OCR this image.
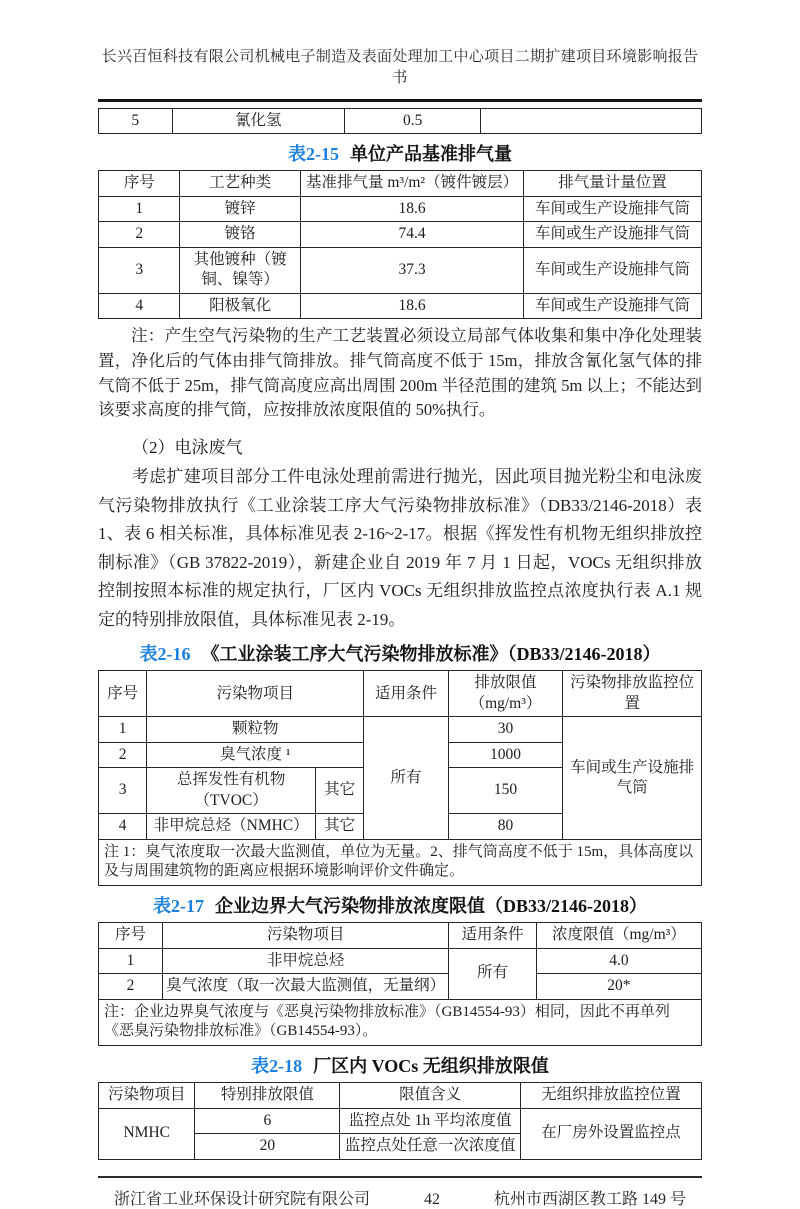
长兴百恒科技有限公司机械电子制造及表面处理加工中心项目二期扩建项目环境影响报告书
5	氰化氢	0.5	
表2-15 单位产品基准排气量
序号	工艺种类	基准排气量 m³/m²（镀件镀层）	排气量计量位置
1	镀锌	18.6	车间或生产设施排气筒
2	镀铬	74.4	车间或生产设施排气筒
3	其他镀种（镀铜、镍等）	37.3	车间或生产设施排气筒
4	阳极氧化	18.6	车间或生产设施排气筒

注：产生空气污染物的生产工艺装置必须设立局部气体收集和集中净化处理装置，净化后的气体由排气筒排放。排气筒高度不低于 15m，排放含氰化氢气体的排气筒不低于 25m，排气筒高度应高出周围 200m 半径范围的建筑 5m 以上；不能达到该要求高度的排气筒，应按排放浓度限值的 50%执行。

（2）电泳废气

考虑扩建项目部分工件电泳处理前需进行抛光，因此项目抛光粉尘和电泳废气污染物排放执行《工业涂装工序大气污染物排放标准》（DB33/2146-2018）表 1、表 6 相关标准，具体标准见表 2-16~2-17。根据《挥发性有机物无组织排放控制标准》（GB 37822-2019），新建企业自 2019 年 7 月 1 日起，VOCs 无组织排放控制按照本标准的规定执行，厂区内 VOCs 无组织排放监控点浓度执行表 A.1 规定的特别排放限值，具体标准见表 2-19。

表2-16 《工业涂装工序大气污染物排放标准》（DB33/2146-2018）
序号	污染物项目		适用条件	排放限值（mg/m³）	污染物排放监控位置
1	颗粒物		所有	30	车间或生产设施排气筒
2	臭气浓度 ¹			1000	
3	总挥发性有机物（TVOC）	其它		150	
4	非甲烷总烃（NMHC）	其它		80	
注 1：臭气浓度取一次最大监测值，单位为无量。2、排气筒高度不低于 15m，具体高度以及与周围建筑物的距离应根据环境影响评价文件确定。					
表2-17 企业边界大气污染物排放浓度限值（DB33/2146-2018）
序号	污染物项目	适用条件	浓度限值（mg/m³）
1	非甲烷总烃	所有	4.0
2	臭气浓度（取一次最大监测值，无量纲）		20*
注：企业边界臭气浓度与《恶臭污染物排放标准》（GB14554-93）相同，因此不再单列《恶臭污染物排放标准》（GB14554-93）。			
表2-18 厂区内 VOCs 无组织排放限值
污染物项目	特别排放限值	限值含义	无组织排放监控位置
NMHC	6	监控点处 1h 平均浓度值	在厂房外设置监控点
	20	监控点处任意一次浓度值	
浙江省工业环保设计研究院有限公司	42	杭州市西湖区教工路 149 号
